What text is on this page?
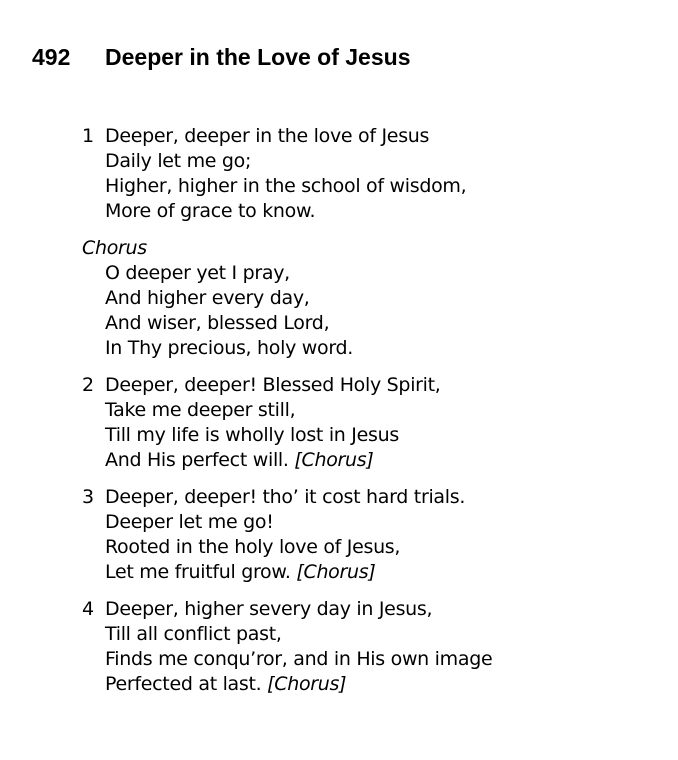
492 Deeper in the Love of Jesus
1 Deeper, deeper in the love of Jesus
Daily let me go;
Higher, higher in the school of wisdom,
More of grace to know.
Chorus
O deeper yet I pray,
And higher every day,
And wiser, blessed Lord,
In Thy precious, holy word.
2 Deeper, deeper! Blessed Holy Spirit,
Take me deeper still,
Till my life is wholly lost in Jesus
And His perfect will. [Chorus]
3 Deeper, deeper! tho’ it cost hard trials.
Deeper let me go!
Rooted in the holy love of Jesus,
Let me fruitful grow. [Chorus]
4 Deeper, higher severy day in Jesus,
Till all conflict past,
Finds me conqu’ror, and in His own image
Perfected at last. [Chorus]
